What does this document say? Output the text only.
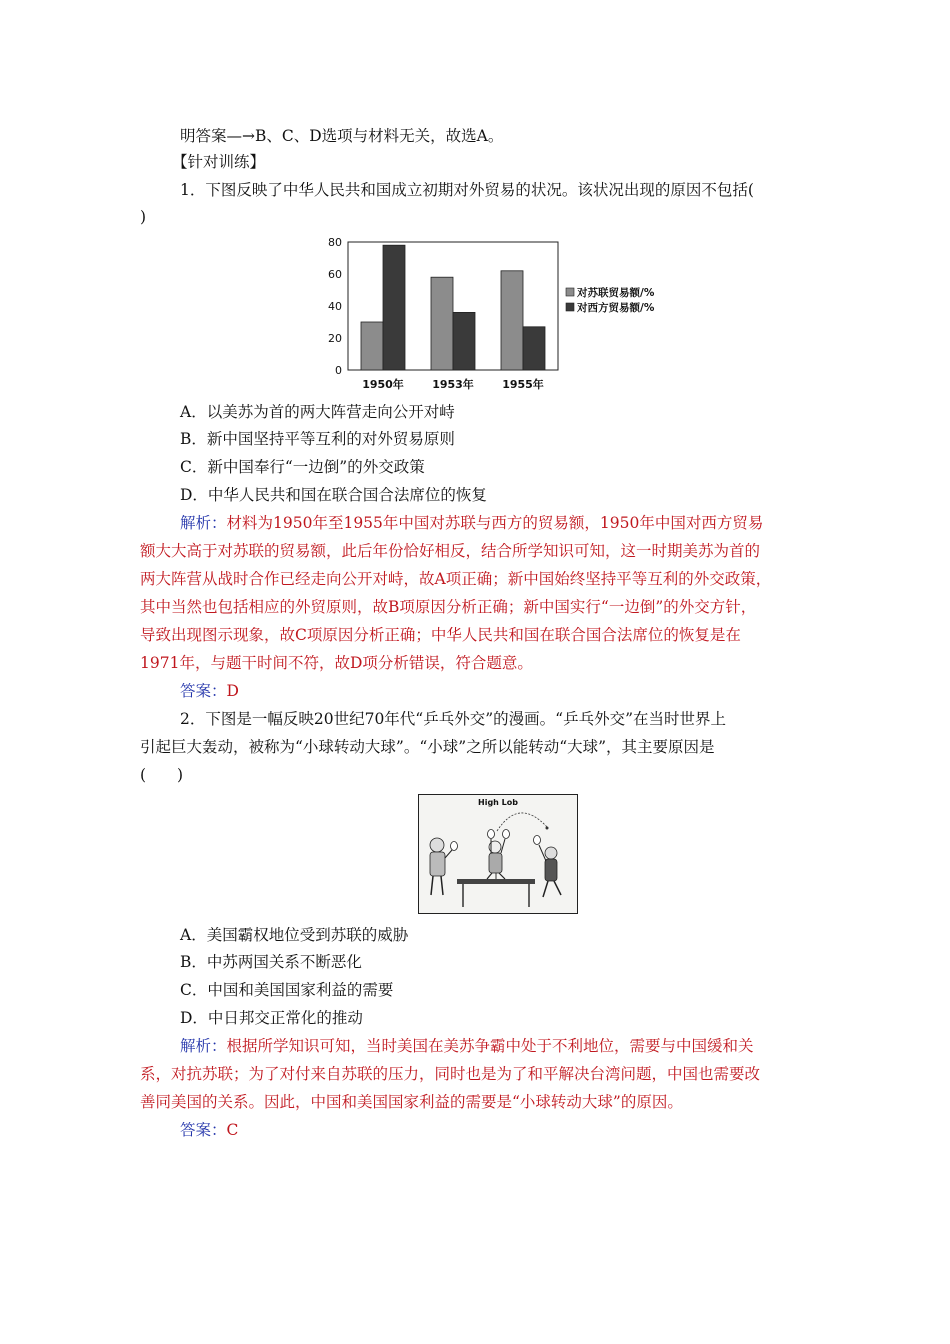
明答案—→B、C、D选项与材料无关，故选A。
【针对训练】
1．下图反映了中华人民共和国成立初期对外贸易的状况。该状况出现的原因不包括(
)
0
20
40
60
80
1950年	1953年	1955年
对苏联贸易额/%
对西方贸易额/%
A．以美苏为首的两大阵营走向公开对峙
B．新中国坚持平等互利的对外贸易原则
C．新中国奉行“一边倒”的外交政策
D．中华人民共和国在联合国合法席位的恢复
解析：材料为1950年至1955年中国对苏联与西方的贸易额，1950年中国对西方贸易
额大大高于对苏联的贸易额，此后年份恰好相反，结合所学知识可知，这一时期美苏为首的
两大阵营从战时合作已经走向公开对峙，故A项正确；新中国始终坚持平等互利的外交政策，
其中当然也包括相应的外贸原则，故B项原因分析正确；新中国实行“一边倒”的外交方针，
导致出现图示现象，故C项原因分析正确；中华人民共和国在联合国合法席位的恢复是在
1971年，与题干时间不符，故D项分析错误，符合题意。
答案：D
2．下图是一幅反映20世纪70年代“乒乓外交”的漫画。“乒乓外交”在当时世界上
引起巨大轰动，被称为“小球转动大球”。“小球”之所以能转动“大球”，其主要原因是
(　　)
High Lob
A．美国霸权地位受到苏联的威胁
B．中苏两国关系不断恶化
C．中国和美国国家利益的需要
D．中日邦交正常化的推动
解析：根据所学知识可知，当时美国在美苏争霸中处于不利地位，需要与中国缓和关
系，对抗苏联；为了对付来自苏联的压力，同时也是为了和平解决台湾问题，中国也需要改
善同美国的关系。因此，中国和美国国家利益的需要是“小球转动大球”的原因。
答案：C
